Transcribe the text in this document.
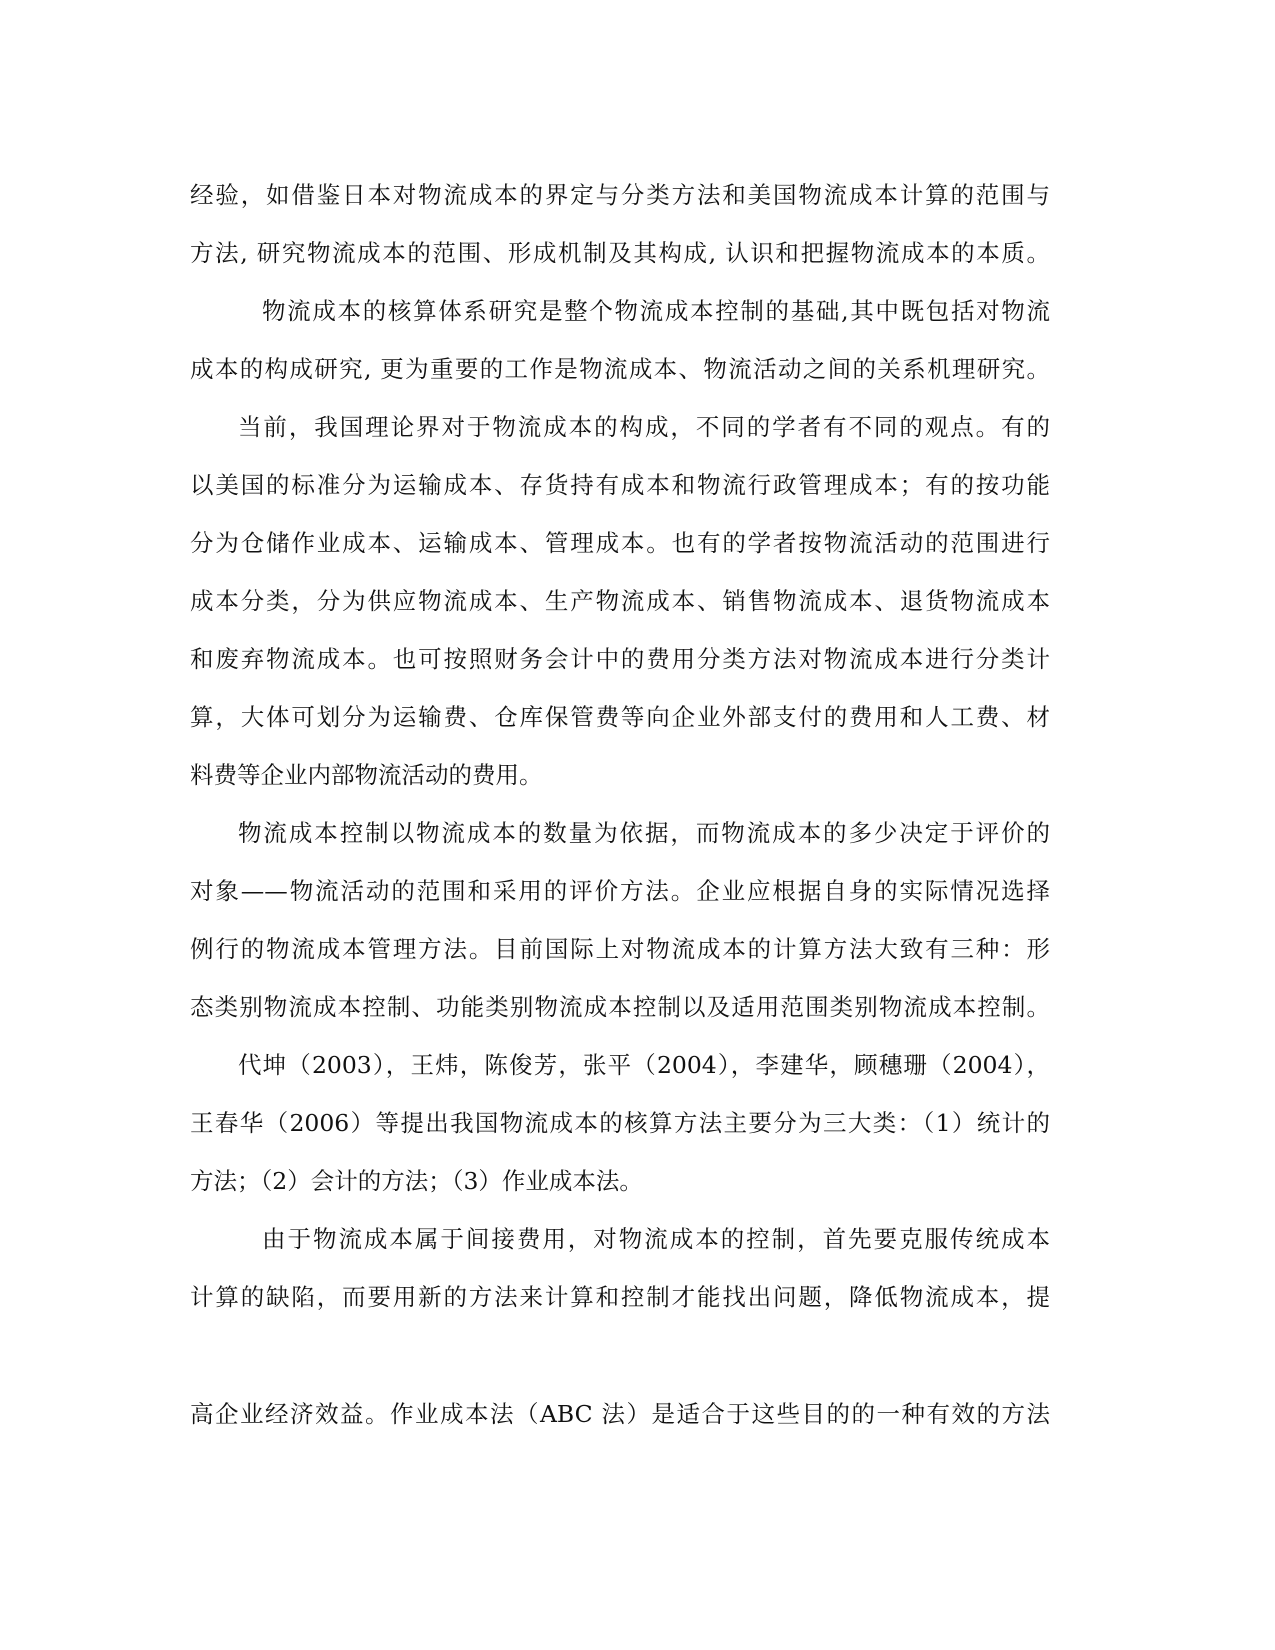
经验，如借鉴日本对物流成本的界定与分类方法和美国物流成本计算的范围与
方法, 研究物流成本的范围、形成机制及其构成, 认识和把握物流成本的本质。
物流成本的核算体系研究是整个物流成本控制的基础,其中既包括对物流
成本的构成研究, 更为重要的工作是物流成本、物流活动之间的关系机理研究。
当前，我国理论界对于物流成本的构成，不同的学者有不同的观点。有的
以美国的标准分为运输成本、存货持有成本和物流行政管理成本；有的按功能
分为仓储作业成本、运输成本、管理成本。也有的学者按物流活动的范围进行
成本分类，分为供应物流成本、生产物流成本、销售物流成本、退货物流成本
和废弃物流成本。也可按照财务会计中的费用分类方法对物流成本进行分类计
算，大体可划分为运输费、仓库保管费等向企业外部支付的费用和人工费、材
料费等企业内部物流活动的费用。
物流成本控制以物流成本的数量为依据，而物流成本的多少决定于评价的
对象——物流活动的范围和采用的评价方法。企业应根据自身的实际情况选择
例行的物流成本管理方法。目前国际上对物流成本的计算方法大致有三种：形
态类别物流成本控制、功能类别物流成本控制以及适用范围类别物流成本控制。
代坤（2003），王炜，陈俊芳，张平（2004），李建华，顾穗珊（2004），
王春华（2006）等提出我国物流成本的核算方法主要分为三大类：（1）统计的
方法；（2）会计的方法；（3）作业成本法。
由于物流成本属于间接费用，对物流成本的控制，首先要克服传统成本
计算的缺陷，而要用新的方法来计算和控制才能找出问题，降低物流成本，提
高企业经济效益。作业成本法（ABC 法）是适合于这些目的的一种有效的方法
